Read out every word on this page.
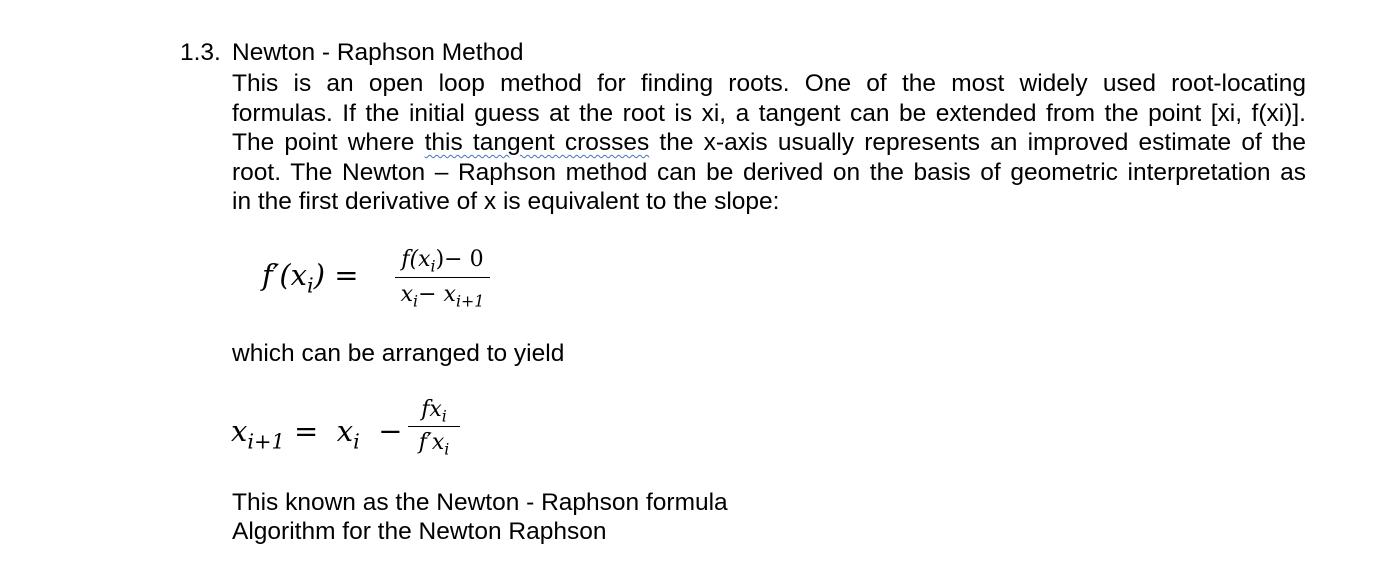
1.3. Newton - Raphson Method
This is an open loop method for finding roots. One of the most widely used root-locating
formulas. If the initial guess at the root is xi, a tangent can be extended from the point [xi, f(xi)].
The point where this tangent crosses the x-axis usually represents an improved estimate of the
root. The Newton – Raphson method can be derived on the basis of geometric interpretation as
in the first derivative of x is equivalent to the slope:
$f'(x_i) = f(x_i)- 0$
$x_i- x_{i+1}$
which can be arranged to yield
$x_{i+1} = x_i$ −
$fx_i$
$f'x_i$
This known as the Newton - Raphson formula
Algorithm for the Newton Raphson
